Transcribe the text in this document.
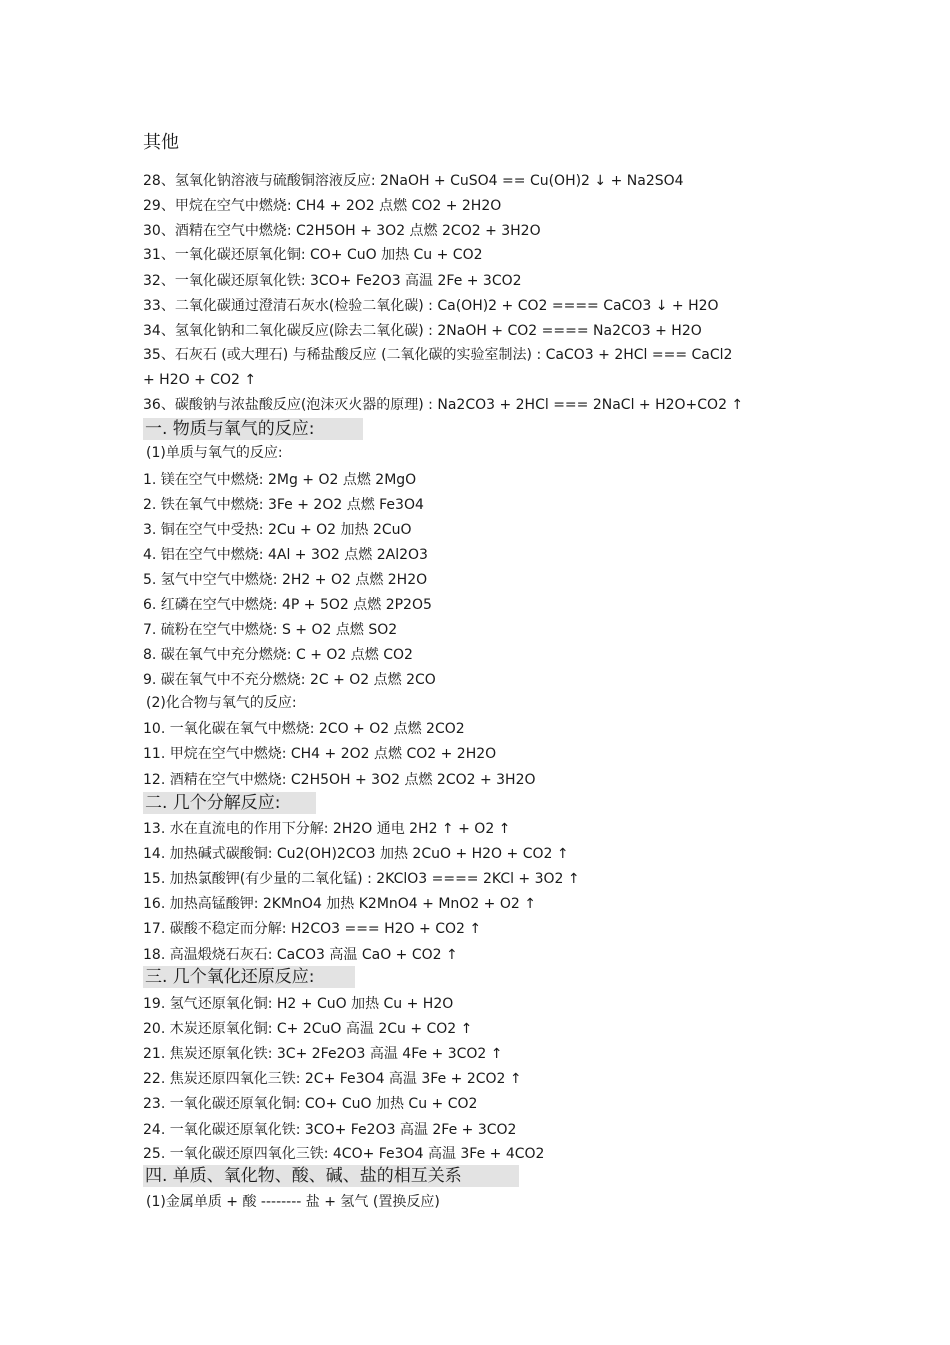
其他
28、氢氧化钠溶液与硫酸铜溶液反应: 2NaOH + CuSO4 == Cu(OH)2 ↓ + Na2SO4
29、甲烷在空气中燃烧: CH4 + 2O2 点燃 CO2 + 2H2O
30、酒精在空气中燃烧: C2H5OH + 3O2 点燃 2CO2 + 3H2O
31、一氧化碳还原氧化铜: CO+ CuO 加热 Cu + CO2
32、一氧化碳还原氧化铁: 3CO+ Fe2O3 高温 2Fe + 3CO2
33、二氧化碳通过澄清石灰水(检验二氧化碳) : Ca(OH)2 + CO2 ==== CaCO3 ↓ + H2O
34、氢氧化钠和二氧化碳反应(除去二氧化碳) : 2NaOH + CO2 ==== Na2CO3 + H2O
35、石灰石 (或大理石) 与稀盐酸反应 (二氧化碳的实验室制法) : CaCO3 + 2HCl === CaCl2
+ H2O + CO2 ↑
36、碳酸钠与浓盐酸反应(泡沫灭火器的原理) : Na2CO3 + 2HCl === 2NaCl + H2O+CO2 ↑
一. 物质与氧气的反应:
(1)单质与氧气的反应:
1. 镁在空气中燃烧: 2Mg + O2 点燃 2MgO
2. 铁在氧气中燃烧: 3Fe + 2O2 点燃 Fe3O4
3. 铜在空气中受热: 2Cu + O2 加热 2CuO
4. 铝在空气中燃烧: 4Al + 3O2 点燃 2Al2O3
5. 氢气中空气中燃烧: 2H2 + O2 点燃 2H2O
6. 红磷在空气中燃烧: 4P + 5O2 点燃 2P2O5
7. 硫粉在空气中燃烧: S + O2 点燃 SO2
8. 碳在氧气中充分燃烧: C + O2 点燃 CO2
9. 碳在氧气中不充分燃烧: 2C + O2 点燃 2CO
(2)化合物与氧气的反应:
10. 一氧化碳在氧气中燃烧: 2CO + O2 点燃 2CO2
11. 甲烷在空气中燃烧: CH4 + 2O2 点燃 CO2 + 2H2O
12. 酒精在空气中燃烧: C2H5OH + 3O2 点燃 2CO2 + 3H2O
二. 几个分解反应:
13. 水在直流电的作用下分解: 2H2O 通电 2H2 ↑ + O2 ↑
14. 加热碱式碳酸铜: Cu2(OH)2CO3 加热 2CuO + H2O + CO2 ↑
15. 加热氯酸钾(有少量的二氧化锰) : 2KClO3 ==== 2KCl + 3O2 ↑
16. 加热高锰酸钾: 2KMnO4 加热 K2MnO4 + MnO2 + O2 ↑
17. 碳酸不稳定而分解: H2CO3 === H2O + CO2 ↑
18. 高温煅烧石灰石: CaCO3 高温 CaO + CO2 ↑
三. 几个氧化还原反应:
19. 氢气还原氧化铜: H2 + CuO 加热 Cu + H2O
20. 木炭还原氧化铜: C+ 2CuO 高温 2Cu + CO2 ↑
21. 焦炭还原氧化铁: 3C+ 2Fe2O3 高温 4Fe + 3CO2 ↑
22. 焦炭还原四氧化三铁: 2C+ Fe3O4 高温 3Fe + 2CO2 ↑
23. 一氧化碳还原氧化铜: CO+ CuO 加热 Cu + CO2
24. 一氧化碳还原氧化铁: 3CO+ Fe2O3 高温 2Fe + 3CO2
25. 一氧化碳还原四氧化三铁: 4CO+ Fe3O4 高温 3Fe + 4CO2
四. 单质、氧化物、酸、碱、盐的相互关系
(1)金属单质 + 酸 -------- 盐 + 氢气 (置换反应)
